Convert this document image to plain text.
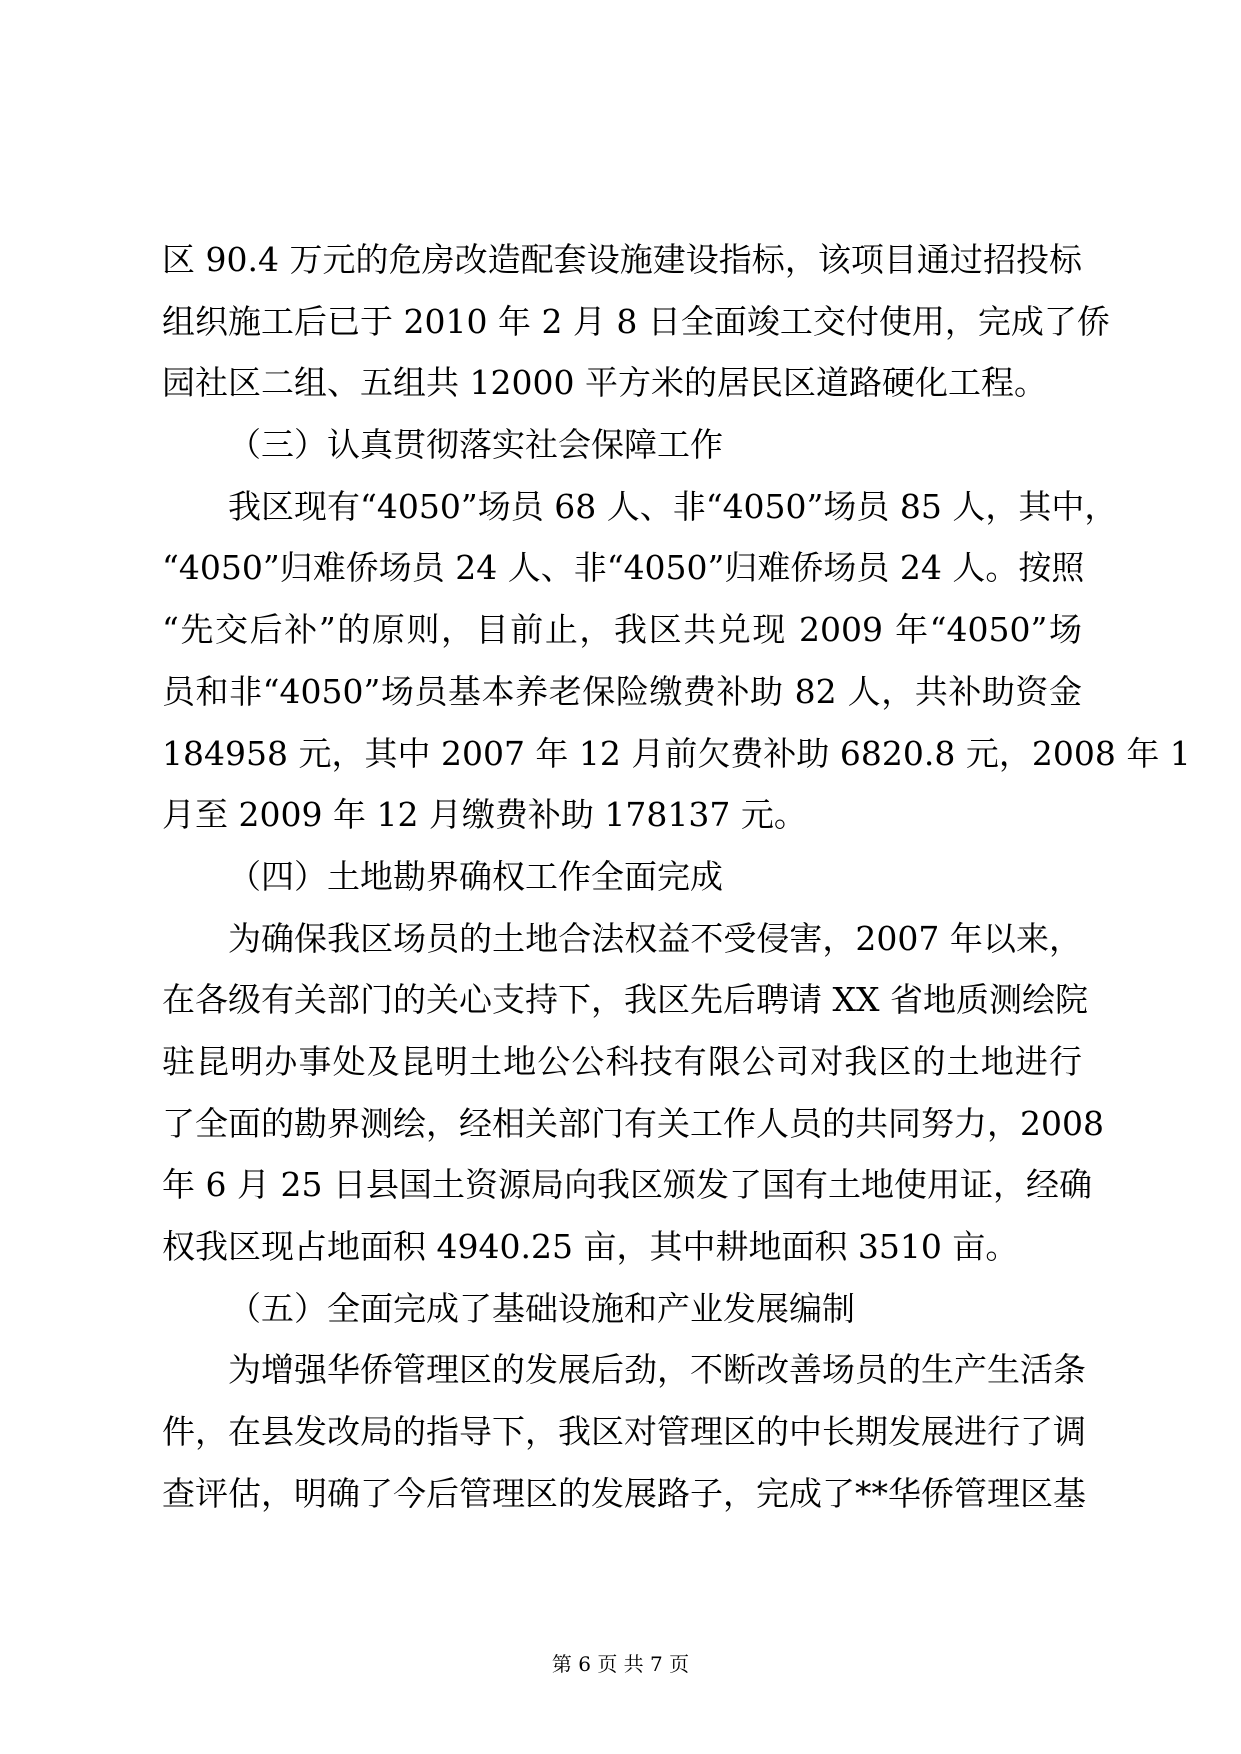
区 90.4 万元的危房改造配套设施建设指标，该项目通过招投标
组织施工后已于 2010 年 2 月 8 日全面竣工交付使用，完成了侨
园社区二组、五组共 12000 平方米的居民区道路硬化工程。
（三）认真贯彻落实社会保障工作
我区现有“4050”场员 68 人、非“4050”场员 85 人，其中，
“4050”归难侨场员 24 人、非“4050”归难侨场员 24 人。按照
“先交后补”的原则，目前止，我区共兑现 2009 年“4050”场
员和非“4050”场员基本养老保险缴费补助 82 人，共补助资金
184958 元，其中 2007 年 12 月前欠费补助 6820.8 元，2008 年 1
月至 2009 年 12 月缴费补助 178137 元。
（四）土地勘界确权工作全面完成
为确保我区场员的土地合法权益不受侵害，2007 年以来，
在各级有关部门的关心支持下，我区先后聘请 XX 省地质测绘院
驻昆明办事处及昆明土地公公科技有限公司对我区的土地进行
了全面的勘界测绘，经相关部门有关工作人员的共同努力，2008
年 6 月 25 日县国土资源局向我区颁发了国有土地使用证，经确
权我区现占地面积 4940.25 亩，其中耕地面积 3510 亩。
（五）全面完成了基础设施和产业发展编制
为增强华侨管理区的发展后劲，不断改善场员的生产生活条
件，在县发改局的指导下，我区对管理区的中长期发展进行了调
查评估，明确了今后管理区的发展路子，完成了**华侨管理区基
第 6 页 共 7 页
